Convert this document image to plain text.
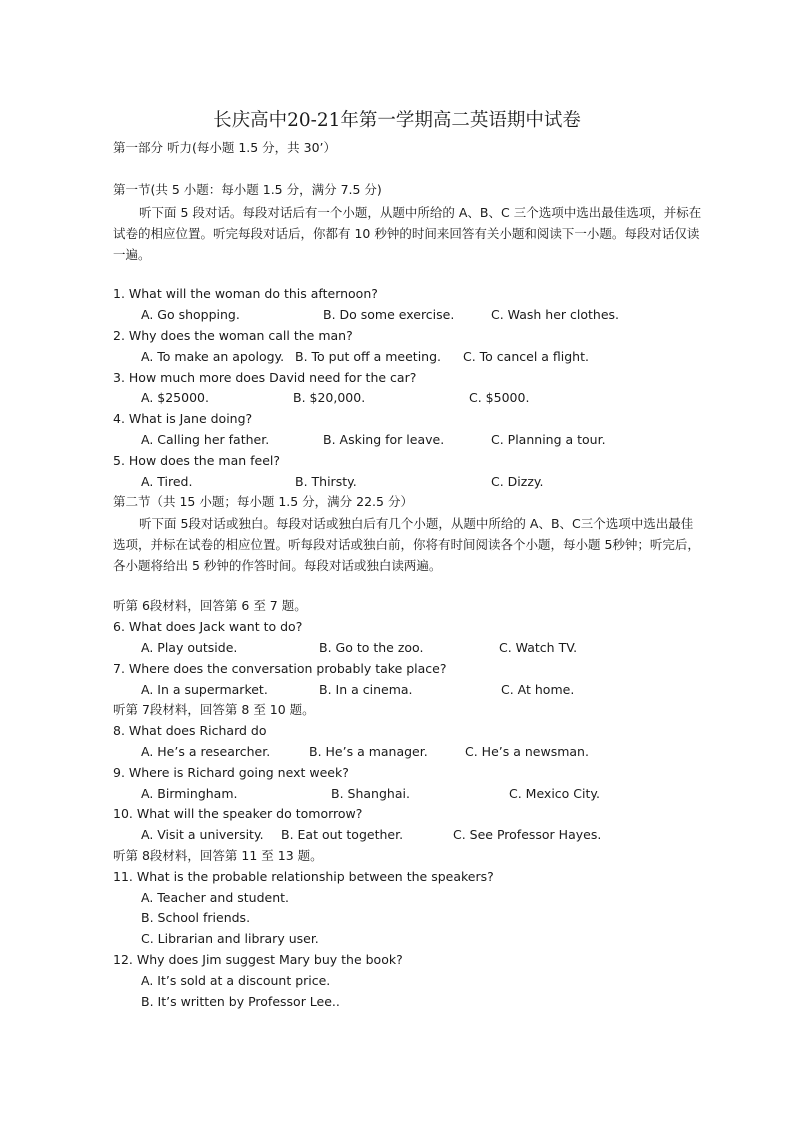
长庆高中20-21年第一学期高二英语期中试卷
第一部分 听力(每小题 1.5 分，共 30’）
第一节(共 5 小题：每小题 1.5 分，满分 7.5 分)
听下面 5 段对话。每段对话后有一个小题，从题中所给的 A、B、C 三个选项中选出最佳选项，并标在试卷的相应位置。听完每段对话后，你都有 10 秒钟的时间来回答有关小题和阅读下一小题。每段对话仅读一遍。
1. What will the woman do this afternoon?
A. Go shopping.	B. Do some exercise.	C. Wash her clothes.
2. Why does the woman call the man?
A. To make an apology. B. To put off a meeting. C. To cancel a flight.
3. How much more does David need for the car?
A. $25000.	B. $20,000.	C. $5000.
4. What is Jane doing?
A. Calling her father.	B. Asking for leave.	C. Planning a tour.
5. How does the man feel?
A. Tired.	B. Thirsty.	C. Dizzy.
第二节（共 15 小题；每小题 1.5 分，满分 22.5 分）
听下面 5段对话或独白。每段对话或独白后有几个小题，从题中所给的 A、B、C三个选项中选出最佳选项，并标在试卷的相应位置。听每段对话或独白前，你将有时间阅读各个小题，每小题 5秒钟；听完后，各小题将给出 5 秒钟的作答时间。每段对话或独白读两遍。
听第 6段材料，回答第 6 至 7 题。
6. What does Jack want to do?
A. Play outside.	B. Go to the zoo.	C. Watch TV.
7. Where does the conversation probably take place?
A. In a supermarket.	B. In a cinema.	C. At home.
听第 7段材料，回答第 8 至 10 题。
8. What does Richard do
A. He’s a researcher.	B. He’s a manager.	C. He’s a newsman.
9. Where is Richard going next week?
A. Birmingham.	B. Shanghai.	C. Mexico City.
10. What will the speaker do tomorrow?
A. Visit a university. B. Eat out together.	C. See Professor Hayes.
听第 8段材料，回答第 11 至 13 题。
11. What is the probable relationship between the speakers?
A. Teacher and student.
B. School friends.
C. Librarian and library user.
12. Why does Jim suggest Mary buy the book?
A. It’s sold at a discount price.
B. It’s written by Professor Lee..
